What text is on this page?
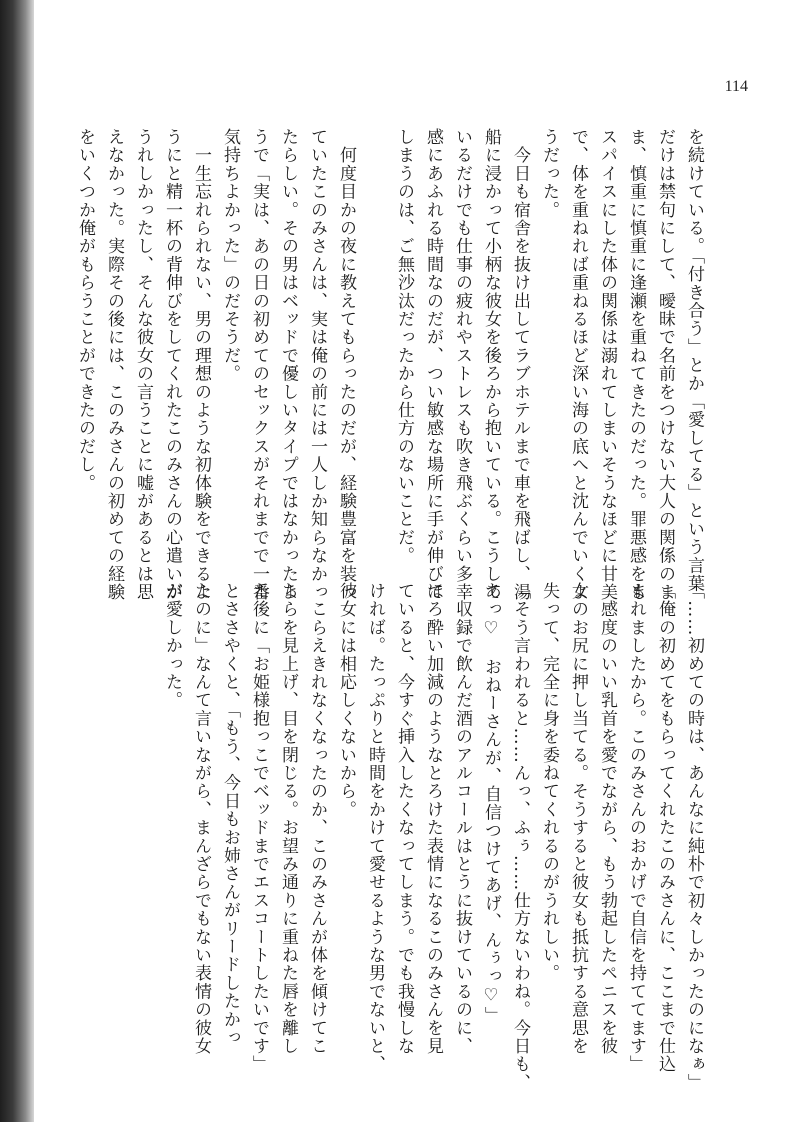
114

を続けている。「付き合う」とか「愛してる」という言葉

だけは禁句にして、曖昧で名前をつけない大人の関係のま

ま、慎重に慎重に逢瀬を重ねてきたのだった。罪悪感をも

スパイスにした体の関係は溺れてしまいそうなほどに甘美

で、体を重ねれば重ねるほど深い海の底へと沈んでいくよ

うだった。

　今日も宿舎を抜け出してラブホテルまで車を飛ばし、湯

船に浸かって小柄な彼女を後ろから抱いている。こうして

いるだけでも仕事の疲れやストレスも吹き飛ぶくらい多幸

感にあふれる時間なのだが、つい敏感な場所に手が伸びて

しまうのは、ご無沙汰だったから仕方のないことだ。

　何度目かの夜に教えてもらったのだが、経験豊富を装っ

ていたこのみさんは、実は俺の前には一人しか知らなかっ

たらしい。その男はベッドで優しいタイプではなかったよ

うで「実は、あの日の初めてのセックスがそれまでで一番

気持ちよかった」のだそうだ。

　一生忘れられない、男の理想のような初体験をできるよ

うにと精一杯の背伸びをしてくれたこのみさんの心遣いが

うれしかったし、そんな彼女の言うことに嘘があるとは思

えなかった。実際その後には、このみさんの初めての経験

をいくつか俺がもらうことができたのだし。

「……初めての時は、あんなに純朴で初々しかったのになぁ」

「俺の初めてをもらってくれたこのみさんに、ここまで仕込

まれましたから。このみさんのおかげで自信を持ててます」

　感度のいい乳首を愛でながら、もう勃起したペニスを彼

女のお尻に押し当てる。そうすると彼女も抵抗する意思を

失って、完全に身を委ねてくれるのがうれしい。

「そう言われると……んっ、ふぅ……仕方ないわね。今日も、

あっ♡　おねーさんが、自信つけてあげ、んぅっ♡」

　収録で飲んだ酒のアルコールはとうに抜けているのに、

ほろ酔い加減のようなとろけた表情になるこのみさんを見

ていると、今すぐ挿入したくなってしまう。でも我慢しな

ければ。たっぷりと時間をかけて愛せるような男でないと、

彼女には相応しくないから。

　こらえきれなくなったのか、このみさんが体を傾けてこ

ちらを見上げ、目を閉じる。お望み通りに重ねた唇を離し

た後に「お姫様抱っこでベッドまでエスコートしたいです」

とささやくと、「もう、今日もお姉さんがリードしたかっ

たのに」なんて言いながら、まんざらでもない表情の彼女

が愛しかった。
